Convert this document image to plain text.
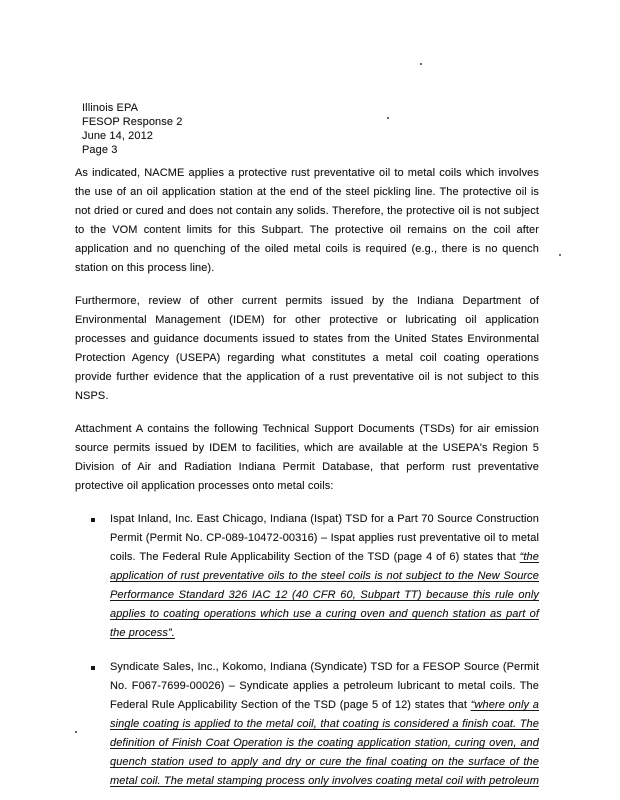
Illinois EPA
FESOP Response 2
June 14, 2012
Page 3

As indicated, NACME applies a protective rust preventative oil to metal coils which involves the use of an oil application station at the end of the steel pickling line. The protective oil is not dried or cured and does not contain any solids. Therefore, the protective oil is not subject to the VOM content limits for this Subpart. The protective oil remains on the coil after application and no quenching of the oiled metal coils is required (e.g., there is no quench station on this process line).

Furthermore, review of other current permits issued by the Indiana Department of Environmental Management (IDEM) for other protective or lubricating oil application processes and guidance documents issued to states from the United States Environmental Protection Agency (USEPA) regarding what constitutes a metal coil coating operations provide further evidence that the application of a rust preventative oil is not subject to this NSPS.

Attachment A contains the following Technical Support Documents (TSDs) for air emission source permits issued by IDEM to facilities, which are available at the USEPA's Region 5 Division of Air and Radiation Indiana Permit Database, that perform rust preventative protective oil application processes onto metal coils:

Ispat Inland, Inc. East Chicago, Indiana (Ispat) TSD for a Part 70 Source Construction Permit (Permit No. CP-089-10472-00316) – Ispat applies rust preventative oil to metal coils. The Federal Rule Applicability Section of the TSD (page 4 of 6) states that “the application of rust preventative oils to the steel coils is not subject to the New Source Performance Standard 326 IAC 12 (40 CFR 60, Subpart TT) because this rule only applies to coating operations which use a curing oven and quench station as part of the process”.
Syndicate Sales, Inc., Kokomo, Indiana (Syndicate) TSD for a FESOP Source (Permit No. F067-7699-00026) – Syndicate applies a petroleum lubricant to metal coils. The Federal Rule Applicability Section of the TSD (page 5 of 12) states that “where only a single coating is applied to the metal coil, that coating is considered a finish coat. The definition of Finish Coat Operation is the coating application station, curing oven, and quench station used to apply and dry or cure the final coating on the surface of the metal coil. The metal stamping process only involves coating metal coil with petroleum
